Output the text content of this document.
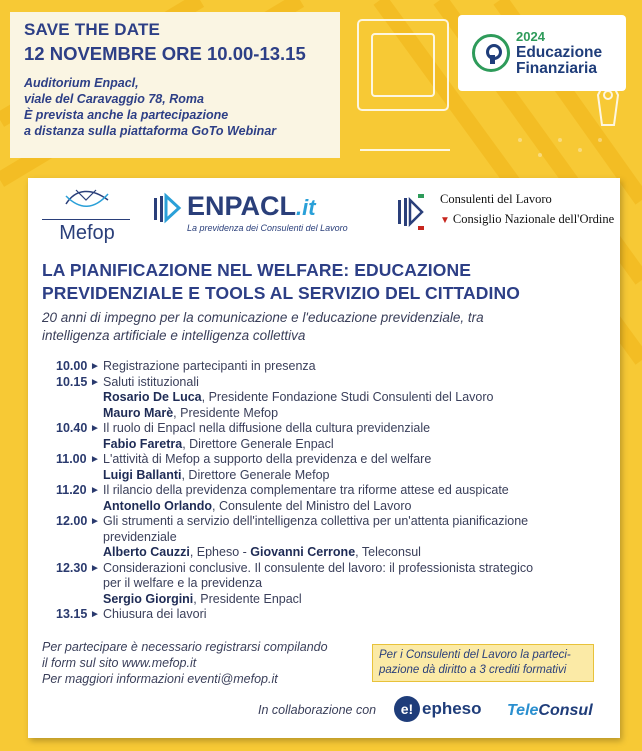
SAVE THE DATE
12 NOVEMBRE ORE 10.00-13.15
Auditorium Enpacl,
viale del Caravaggio 78, Roma
È prevista anche la partecipazione
a distanza sulla piattaforma GoTo Webinar
2024
Educazione
Finanziaria
Mefop
ENPACL.it
La previdenza dei Consulenti del Lavoro
Consulenti del Lavoro
▼ Consiglio Nazionale dell'Ordine
LA PIANIFICAZIONE NEL WELFARE: EDUCAZIONE
PREVIDENZIALE E TOOLS AL SERVIZIO DEL CITTADINO
20 anni di impegno per la comunicazione e l'educazione previdenziale, tra
intelligenza artificiale e intelligenza collettiva
10.00 ► Registrazione partecipanti in presenza
10.15 ► Saluti istituzionali
Rosario De Luca, Presidente Fondazione Studi Consulenti del Lavoro
Mauro Marè, Presidente Mefop
10.40 ► Il ruolo di Enpacl nella diffusione della cultura previdenziale
Fabio Faretra, Direttore Generale Enpacl
11.00 ► L'attività di Mefop a supporto della previdenza e del welfare
Luigi Ballanti, Direttore Generale Mefop
11.20 ► Il rilancio della previdenza complementare tra riforme attese ed auspicate
Antonello Orlando, Consulente del Ministro del Lavoro
12.00 ► Gli strumenti a servizio dell'intelligenza collettiva per un'attenta pianificazione
previdenziale
Alberto Cauzzi, Epheso - Giovanni Cerrone, Teleconsul
12.30 ► Considerazioni conclusive. Il consulente del lavoro: il professionista strategico
per il welfare e la previdenza
Sergio Giorgini, Presidente Enpacl
13.15 ► Chiusura dei lavori
Per partecipare è necessario registrarsi compilando
il form sul sito www.mefop.it
Per maggiori informazioni eventi@mefop.it
Per i Consulenti del Lavoro la parteci-
pazione dà diritto a 3 crediti formativi
In collaborazione con	e! epheso TeleConsul
